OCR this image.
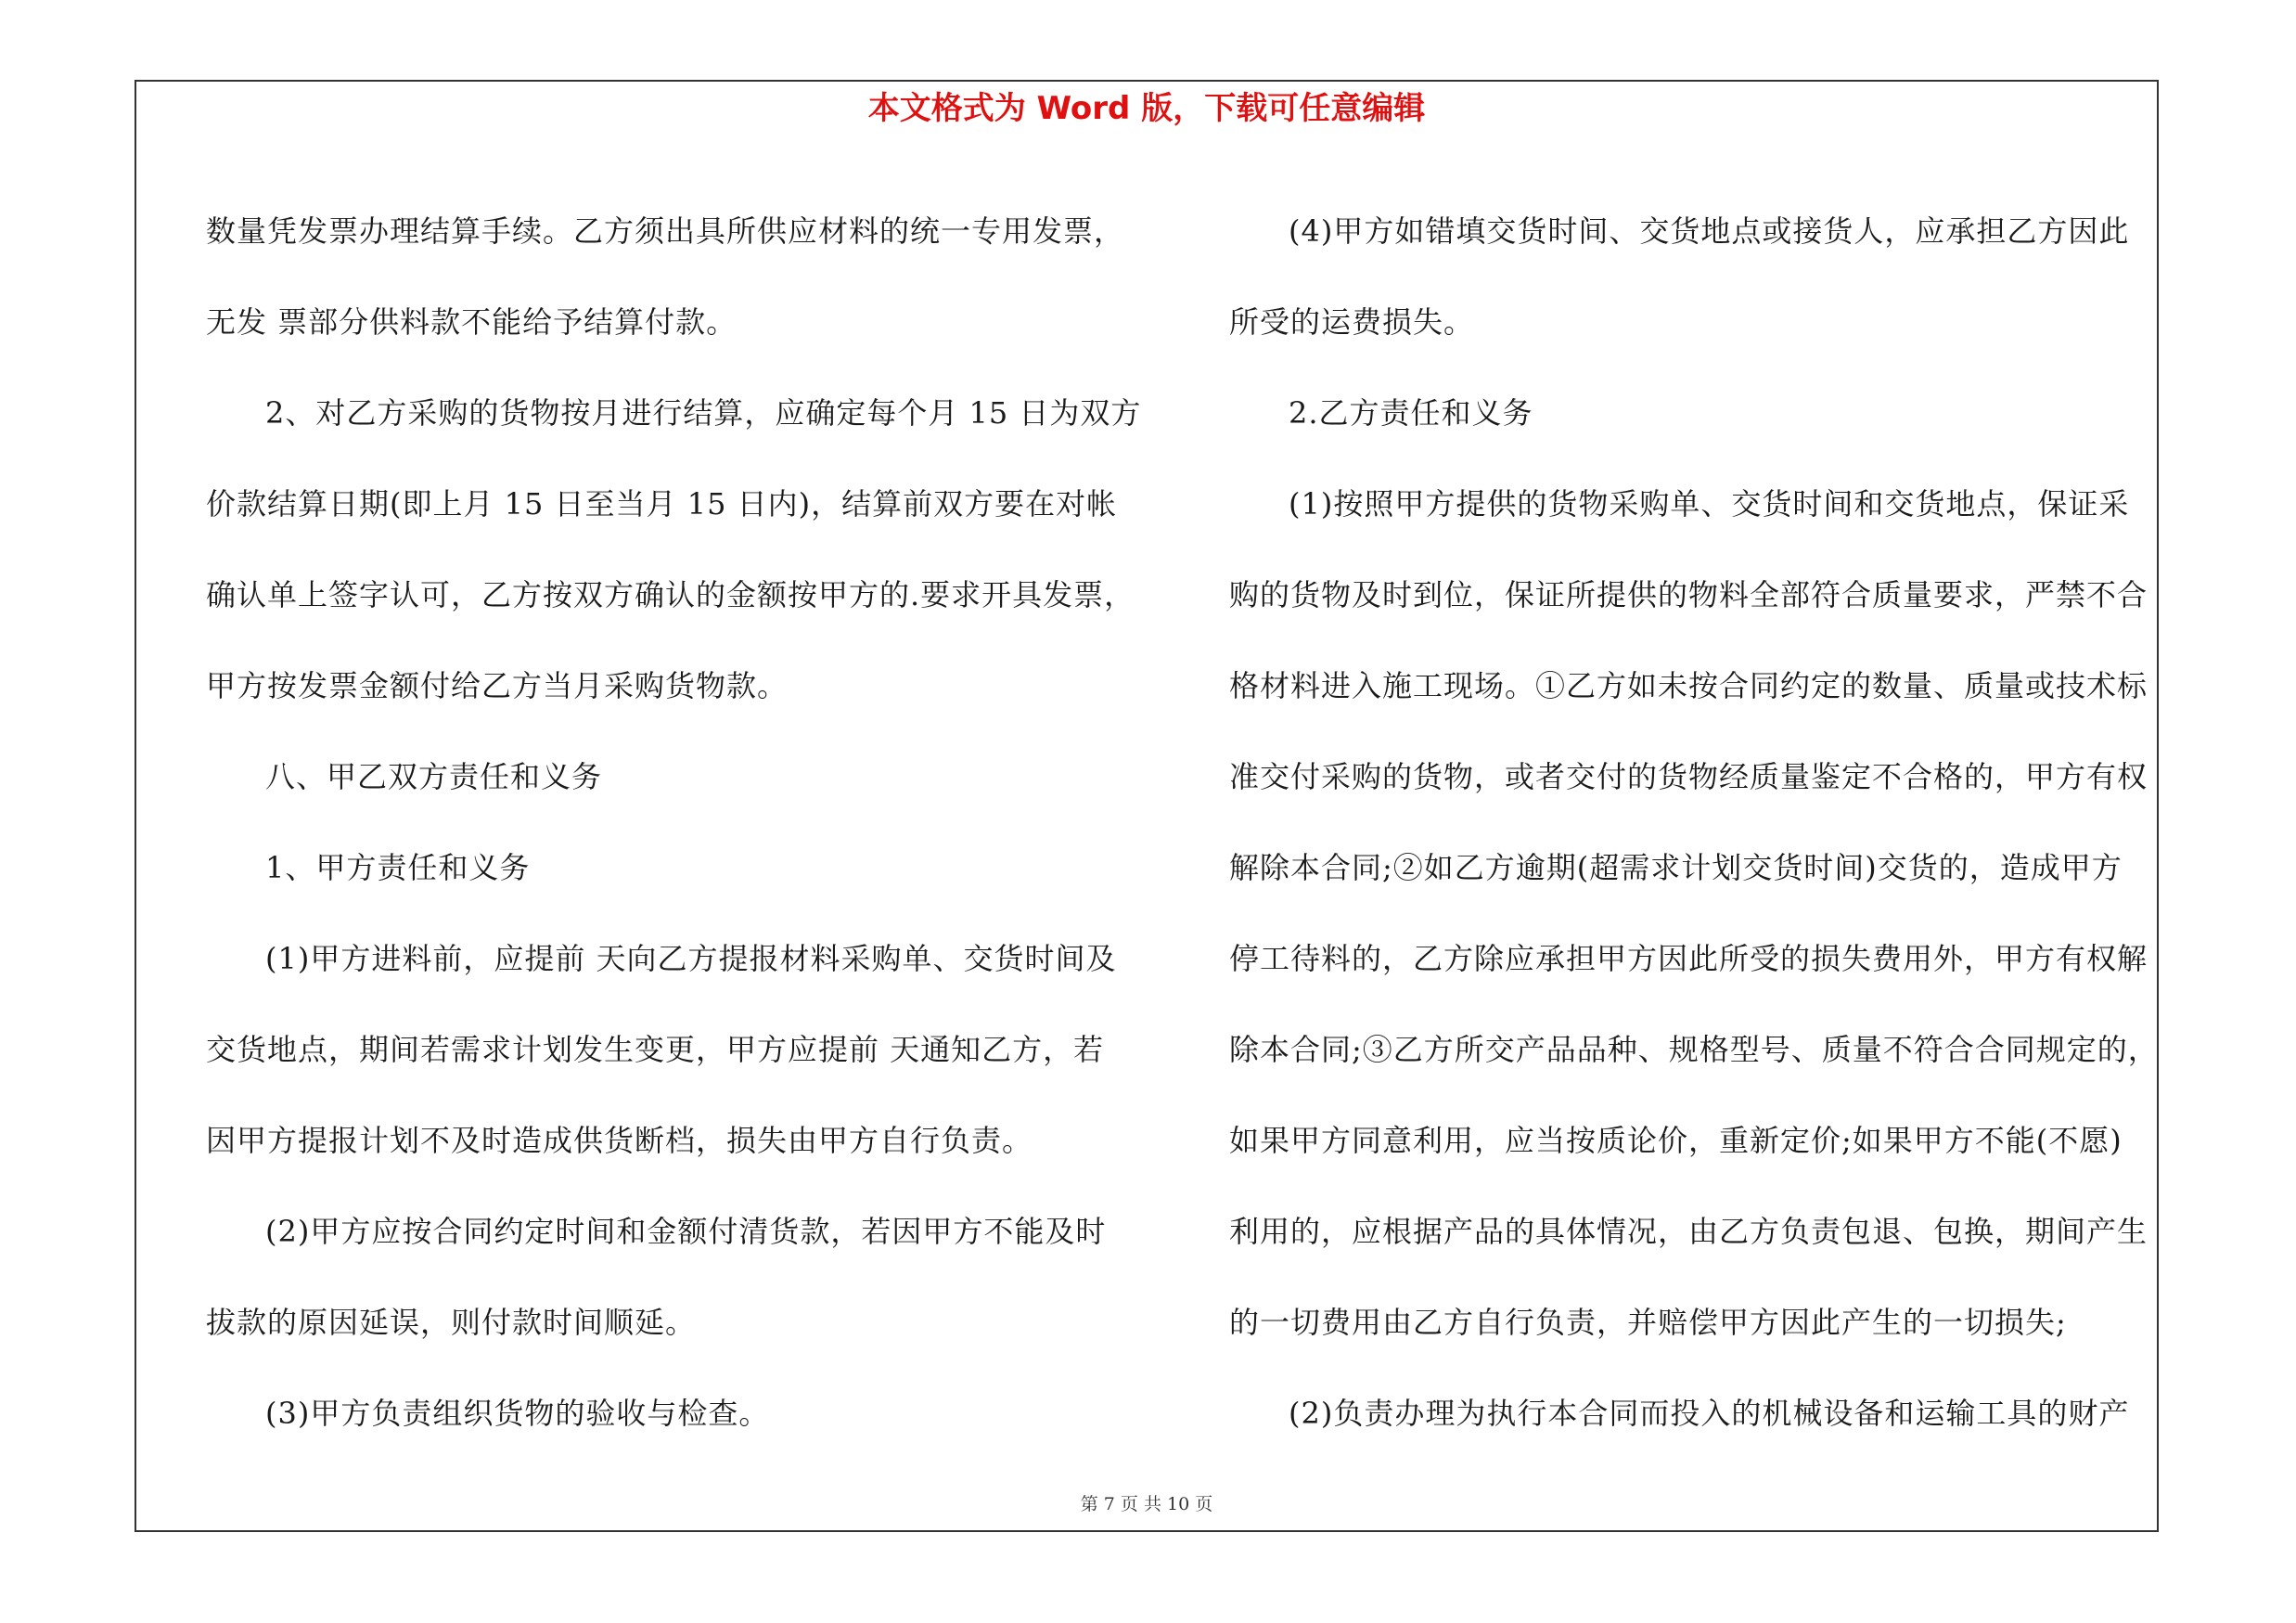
本文格式为 Word 版，下载可任意编辑
数量凭发票办理结算手续。乙方须出具所供应材料的统一专用发票，
无发 票部分供料款不能给予结算付款。
2、对乙方采购的货物按月进行结算，应确定每个月 15 日为双方
价款结算日期(即上月 15 日至当月 15 日内)，结算前双方要在对帐
确认单上签字认可，乙方按双方确认的金额按甲方的.要求开具发票，
甲方按发票金额付给乙方当月采购货物款。
八、甲乙双方责任和义务
1、甲方责任和义务
(1)甲方进料前，应提前 天向乙方提报材料采购单、交货时间及
交货地点，期间若需求计划发生变更，甲方应提前 天通知乙方，若
因甲方提报计划不及时造成供货断档，损失由甲方自行负责。
(2)甲方应按合同约定时间和金额付清货款，若因甲方不能及时
拔款的原因延误，则付款时间顺延。
(3)甲方负责组织货物的验收与检查。
(4)甲方如错填交货时间、交货地点或接货人，应承担乙方因此
所受的运费损失。
2.乙方责任和义务
(1)按照甲方提供的货物采购单、交货时间和交货地点，保证采
购的货物及时到位，保证所提供的物料全部符合质量要求，严禁不合
格材料进入施工现场。①乙方如未按合同约定的数量、质量或技术标
准交付采购的货物，或者交付的货物经质量鉴定不合格的，甲方有权
解除本合同;②如乙方逾期(超需求计划交货时间)交货的，造成甲方
停工待料的，乙方除应承担甲方因此所受的损失费用外，甲方有权解
除本合同;③乙方所交产品品种、规格型号、质量不符合合同规定的，
如果甲方同意利用，应当按质论价，重新定价;如果甲方不能(不愿)
利用的，应根据产品的具体情况，由乙方负责包退、包换，期间产生
的一切费用由乙方自行负责，并赔偿甲方因此产生的一切损失;
(2)负责办理为执行本合同而投入的机械设备和运输工具的财产
第 7 页 共 10 页
